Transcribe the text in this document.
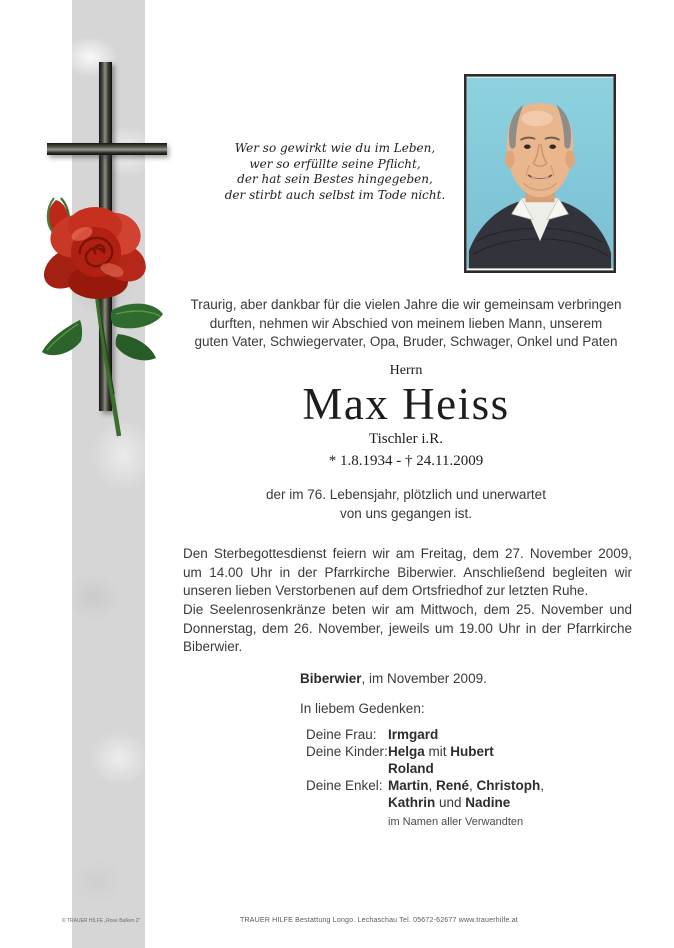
Wer so gewirkt wie du im Leben,
wer so erfüllte seine Pflicht,
der hat sein Bestes hingegeben,
der stirbt auch selbst im Tode nicht.
Traurig, aber dankbar für die vielen Jahre die wir gemeinsam verbringen
durften, nehmen wir Abschied von meinem lieben Mann, unserem
guten Vater, Schwiegervater, Opa, Bruder, Schwager, Onkel und Paten
Herrn
Max Heiss
Tischler i.R.
* 1.8.1934 - † 24.11.2009
der im 76. Lebensjahr, plötzlich und unerwartet
von uns gegangen ist.
Den Sterbegottesdienst feiern wir am Freitag, dem 27. November 2009, um 14.00 Uhr in der Pfarrkirche Biberwier. Anschließend begleiten wir unseren lieben Verstorbenen auf dem Ortsfriedhof zur letzten Ruhe.
Die Seelenrosenkränze beten wir am Mittwoch, dem 25. November und Donnerstag, dem 26. November, jeweils um 19.00 Uhr in der Pfarrkirche Biberwier.
Biberwier, im November 2009.
In liebem Gedenken:
Deine Frau: Irmgard
Deine Kinder: Helga mit Hubert
Roland
Deine Enkel: Martin, René, Christoph,
Kathrin und Nadine
im Namen aller Verwandten
© TRAUER HILFE „Rose Balken 2“	TRAUER HILFE Bestattung Longo. Lechaschau Tel. 05672-62677 www.trauerhilfe.at
